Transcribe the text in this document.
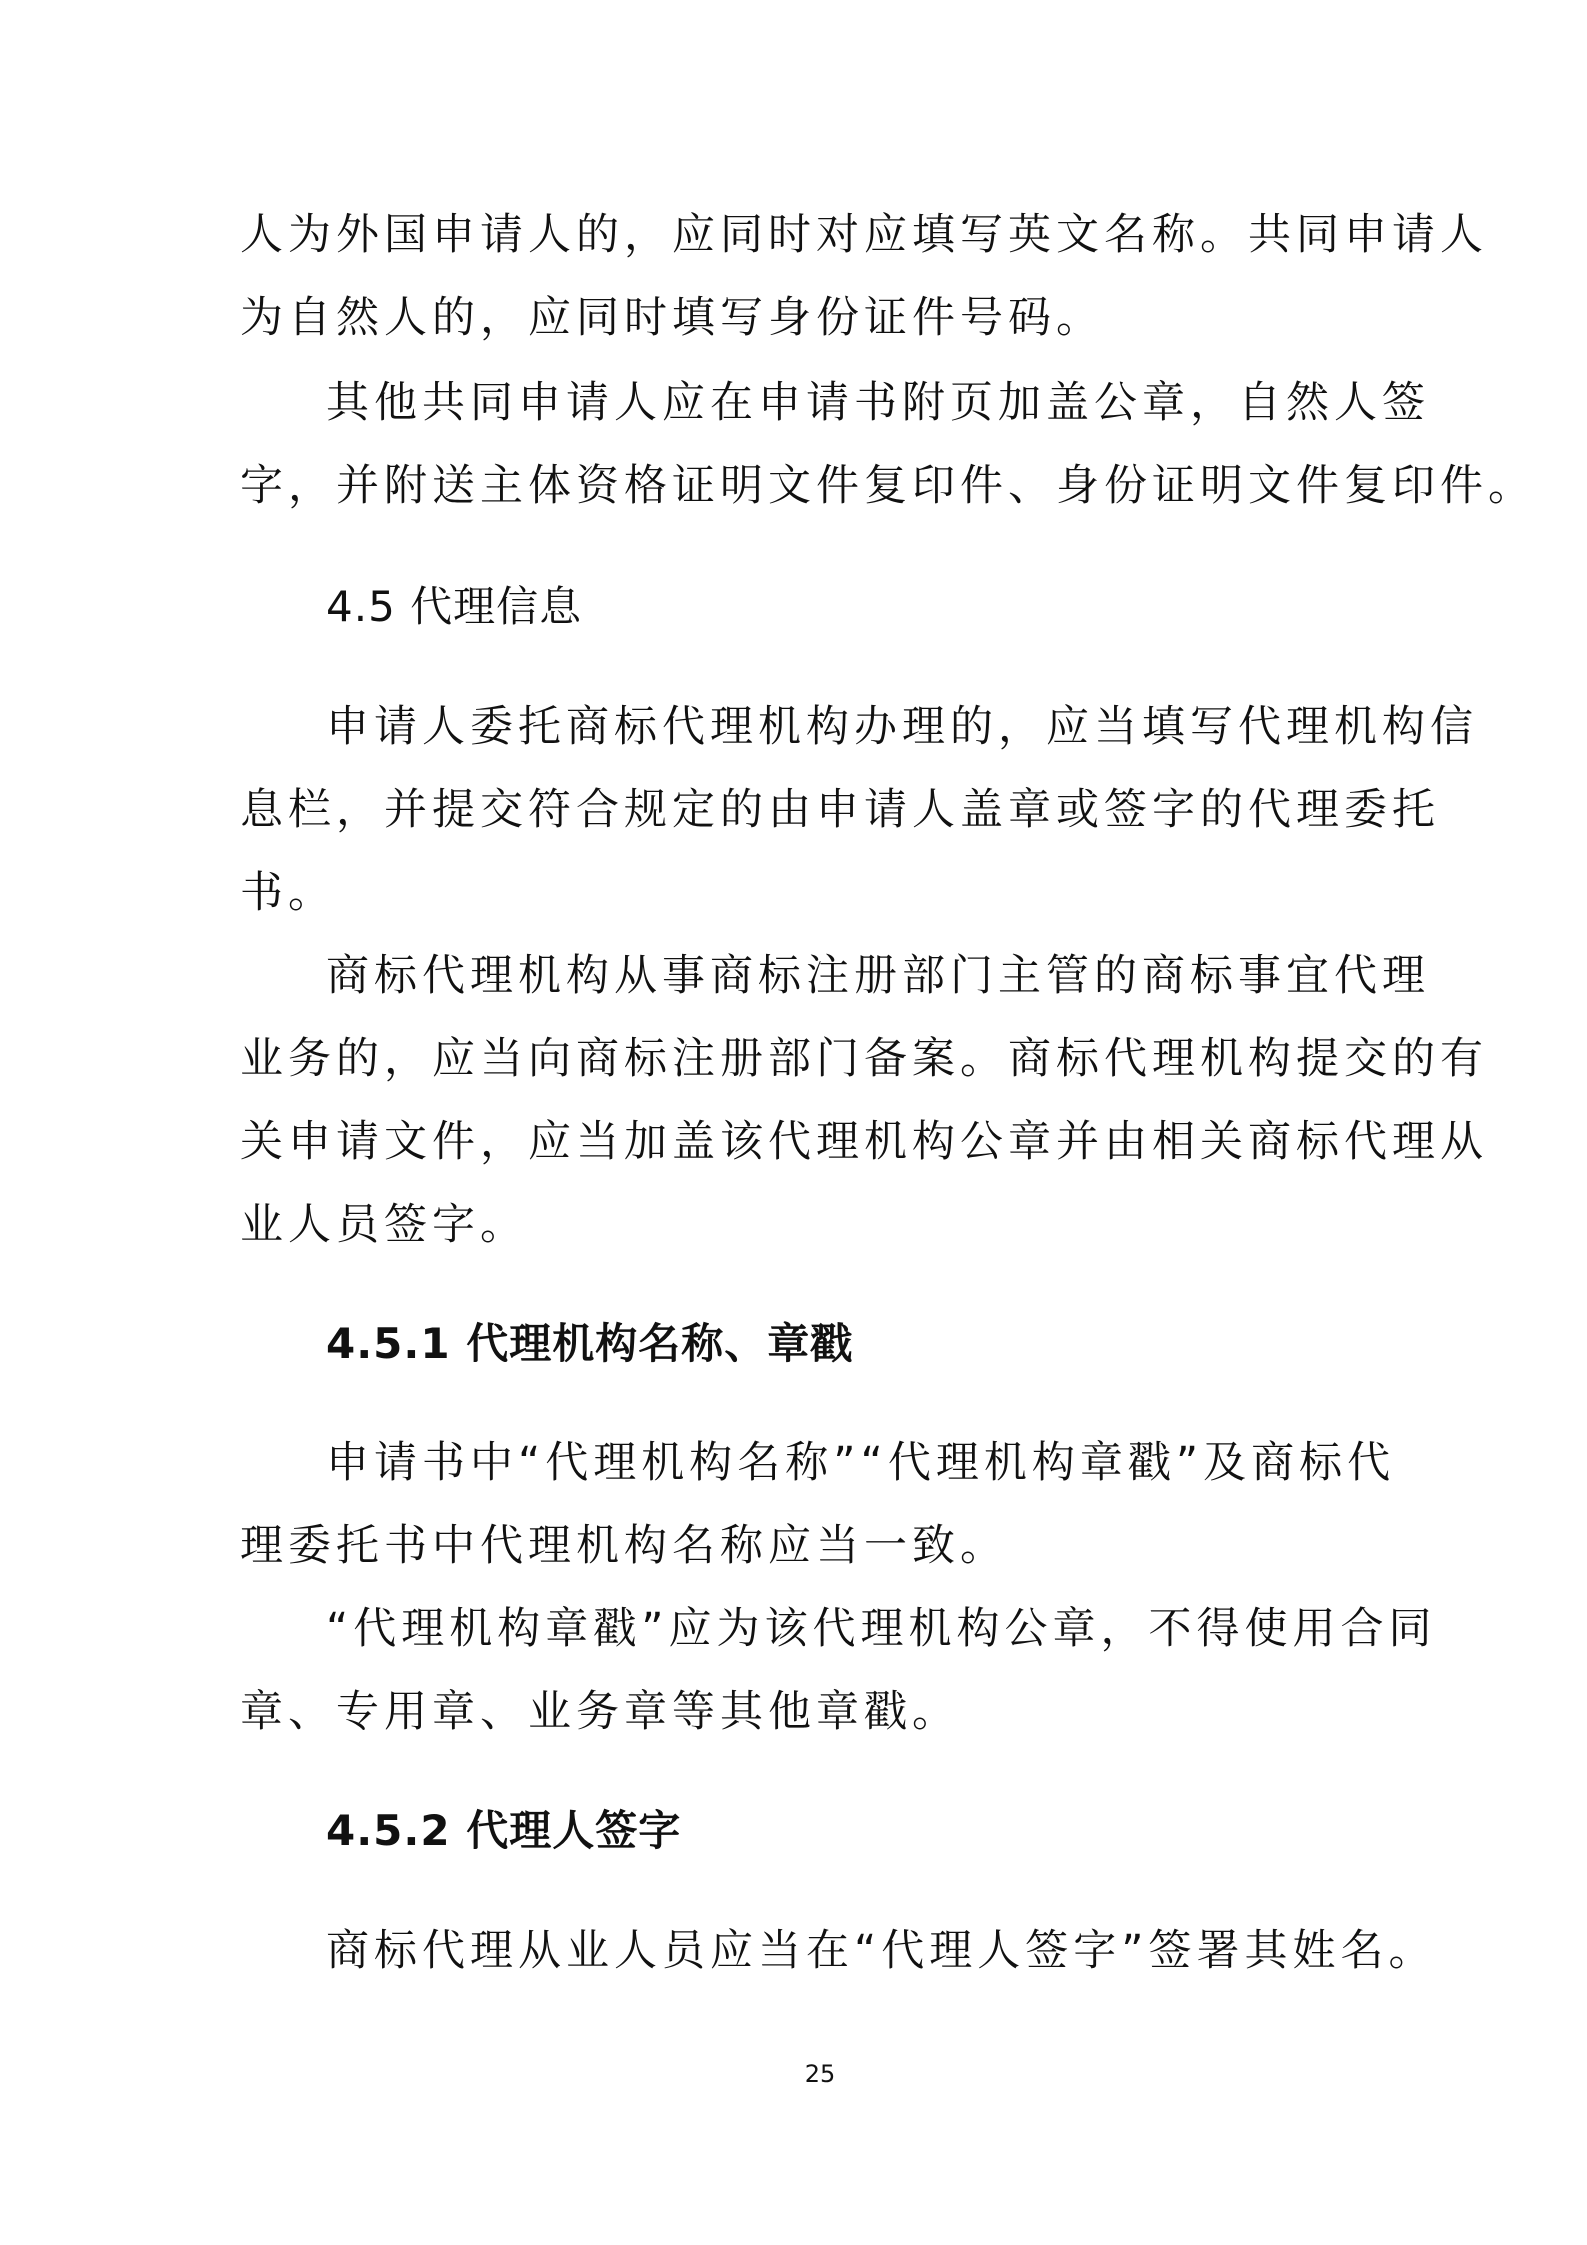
人为外国申请人的，应同时对应填写英文名称。共同申请人
为自然人的，应同时填写身份证件号码。
其他共同申请人应在申请书附页加盖公章，自然人签
字，并附送主体资格证明文件复印件、身份证明文件复印件。
4.5 代理信息
申请人委托商标代理机构办理的，应当填写代理机构信
息栏，并提交符合规定的由申请人盖章或签字的代理委托
书。
商标代理机构从事商标注册部门主管的商标事宜代理
业务的，应当向商标注册部门备案。商标代理机构提交的有
关申请文件，应当加盖该代理机构公章并由相关商标代理从
业人员签字。
4.5.1 代理机构名称、章戳
申请书中“代理机构名称”“代理机构章戳”及商标代
理委托书中代理机构名称应当一致。
“代理机构章戳”应为该代理机构公章，不得使用合同
章、专用章、业务章等其他章戳。
4.5.2 代理人签字
商标代理从业人员应当在“代理人签字”签署其姓名。
25
